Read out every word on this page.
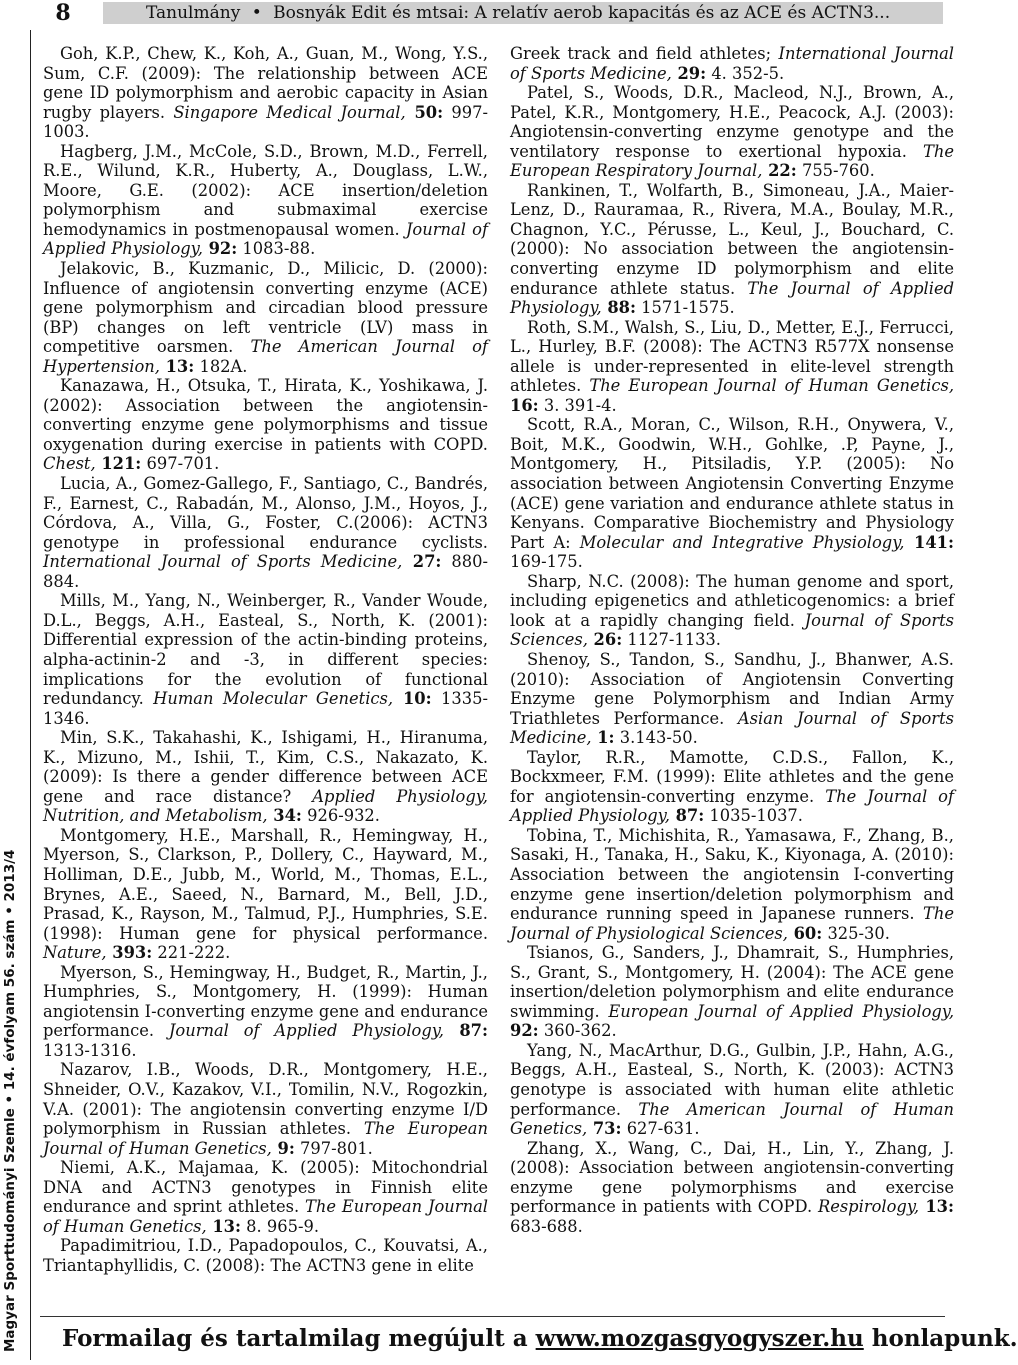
8	Tanulmány • Bosnyák Edit és mtsai: A relatív aerob kapacitás és az ACE és ACTN3...
Magyar Sporttudományi Szemle • 14. évfolyam 56. szám • 2013/4

Goh, K.P., Chew, K., Koh, A., Guan, M., Wong, Y.S., Sum, C.F. (2009): The relationship between ACE gene ID polymorphism and aerobic capacity in Asian rugby players. Singapore Medical Journal, 50: 997-1003.

Hagberg, J.M., McCole, S.D., Brown, M.D., Ferrell, R.E., Wilund, K.R., Huberty, A., Douglass, L.W., Moore, G.E. (2002): ACE insertion/deletion polymorphism and submaximal exercise hemodynamics in postmenopausal women. Journal of Applied Physiology, 92: 1083-88.

Jelakovic, B., Kuzmanic, D., Milicic, D. (2000): Influence of angiotensin converting enzyme (ACE) gene polymorphism and circadian blood pressure (BP) changes on left ventricle (LV) mass in competitive oarsmen. The American Journal of Hypertension, 13: 182A.

Kanazawa, H., Otsuka, T., Hirata, K., Yoshikawa, J. (2002): Association between the angiotensin-converting enzyme gene polymorphisms and tissue oxygenation during exercise in patients with COPD. Chest, 121: 697-701.

Lucia, A., Gomez-Gallego, F., Santiago, C., Bandrés, F., Earnest, C., Rabadán, M., Alonso, J.M., Hoyos, J., Córdova, A., Villa, G., Foster, C.(2006): ACTN3 genotype in professional endurance cyclists. International Journal of Sports Medicine, 27: 880-884.

Mills, M., Yang, N., Weinberger, R., Vander Woude, D.L., Beggs, A.H., Easteal, S., North, K. (2001): Differential expression of the actin-binding proteins, alpha-actinin-2 and -3, in different species: implications for the evolution of functional redundancy. Human Molecular Genetics, 10: 1335-1346.

Min, S.K., Takahashi, K., Ishigami, H., Hiranuma, K., Mizuno, M., Ishii, T., Kim, C.S., Nakazato, K. (2009): Is there a gender difference between ACE gene and race distance? Applied Physiology, Nutrition, and Metabolism, 34: 926-932.

Montgomery, H.E., Marshall, R., Hemingway, H., Myerson, S., Clarkson, P., Dollery, C., Hayward, M., Holliman, D.E., Jubb, M., World, M., Thomas, E.L., Brynes, A.E., Saeed, N., Barnard, M., Bell, J.D., Prasad, K., Rayson, M., Talmud, P.J., Humphries, S.E. (1998): Human gene for physical performance. Nature, 393: 221-222.

Myerson, S., Hemingway, H., Budget, R., Martin, J., Humphries, S., Montgomery, H. (1999): Human angiotensin I-converting enzyme gene and endurance performance. Journal of Applied Physiology, 87: 1313-1316.

Nazarov, I.B., Woods, D.R., Montgomery, H.E., Shneider, O.V., Kazakov, V.I., Tomilin, N.V., Rogozkin, V.A. (2001): The angiotensin converting enzyme I/D polymorphism in Russian athletes. The European Journal of Human Genetics, 9: 797-801.

Niemi, A.K., Majamaa, K. (2005): Mitochondrial DNA and ACTN3 genotypes in Finnish elite endurance and sprint athletes. The European Journal of Human Genetics, 13: 8. 965-9.

Papadimitriou, I.D., Papadopoulos, C., Kouvatsi, A., Triantaphyllidis, C. (2008): The ACTN3 gene in elite

Greek track and field athletes; International Journal of Sports Medicine, 29: 4. 352-5.

Patel, S., Woods, D.R., Macleod, N.J., Brown, A., Patel, K.R., Montgomery, H.E., Peacock, A.J. (2003): Angiotensin-converting enzyme genotype and the ventilatory response to exertional hypoxia. The European Respiratory Journal, 22: 755-760.

Rankinen, T., Wolfarth, B., Simoneau, J.A., Maier-Lenz, D., Rauramaa, R., Rivera, M.A., Boulay, M.R., Chagnon, Y.C., Pérusse, L., Keul, J., Bouchard, C. (2000): No association between the angiotensin-converting enzyme ID polymorphism and elite endurance athlete status. The Journal of Applied Physiology, 88: 1571-1575.

Roth, S.M., Walsh, S., Liu, D., Metter, E.J., Ferrucci, L., Hurley, B.F. (2008): The ACTN3 R577X nonsense allele is under-represented in elite-level strength athletes. The European Journal of Human Genetics, 16: 3. 391-4.

Scott, R.A., Moran, C., Wilson, R.H., Onywera, V., Boit, M.K., Goodwin, W.H., Gohlke, .P, Payne, J., Montgomery, H., Pitsiladis, Y.P. (2005): No association between Angiotensin Converting Enzyme (ACE) gene variation and endurance athlete status in Kenyans. Comparative Biochemistry and Physiology Part A: Molecular and Integrative Physiology, 141: 169-175.

Sharp, N.C. (2008): The human genome and sport, including epigenetics and athleticogenomics: a brief look at a rapidly changing field. Journal of Sports Sciences, 26: 1127-1133.

Shenoy, S., Tandon, S., Sandhu, J., Bhanwer, A.S. (2010): Association of Angiotensin Converting Enzyme gene Polymorphism and Indian Army Triathletes Performance. Asian Journal of Sports Medicine, 1: 3.143-50.

Taylor, R.R., Mamotte, C.D.S., Fallon, K., Bockxmeer, F.M. (1999): Elite athletes and the gene for angiotensin-converting enzyme. The Journal of Applied Physiology, 87: 1035-1037.

Tobina, T., Michishita, R., Yamasawa, F., Zhang, B., Sasaki, H., Tanaka, H., Saku, K., Kiyonaga, A. (2010): Association between the angiotensin I-converting enzyme gene insertion/deletion polymorphism and endurance running speed in Japanese runners. The Journal of Physiological Sciences, 60: 325-30.

Tsianos, G., Sanders, J., Dhamrait, S., Humphries, S., Grant, S., Montgomery, H. (2004): The ACE gene insertion/deletion polymorphism and elite endurance swimming. European Journal of Applied Physiology, 92: 360-362.

Yang, N., MacArthur, D.G., Gulbin, J.P., Hahn, A.G., Beggs, A.H., Easteal, S., North, K. (2003): ACTN3 genotype is associated with human elite athletic performance. The American Journal of Human Genetics, 73: 627-631.

Zhang, X., Wang, C., Dai, H., Lin, Y., Zhang, J. (2008): Association between angiotensin-converting enzyme gene polymorphisms and exercise performance in patients with COPD. Respirology, 13: 683-688.

Formailag és tartalmilag megújult a www.mozgasgyogyszer.hu honlapunk.
